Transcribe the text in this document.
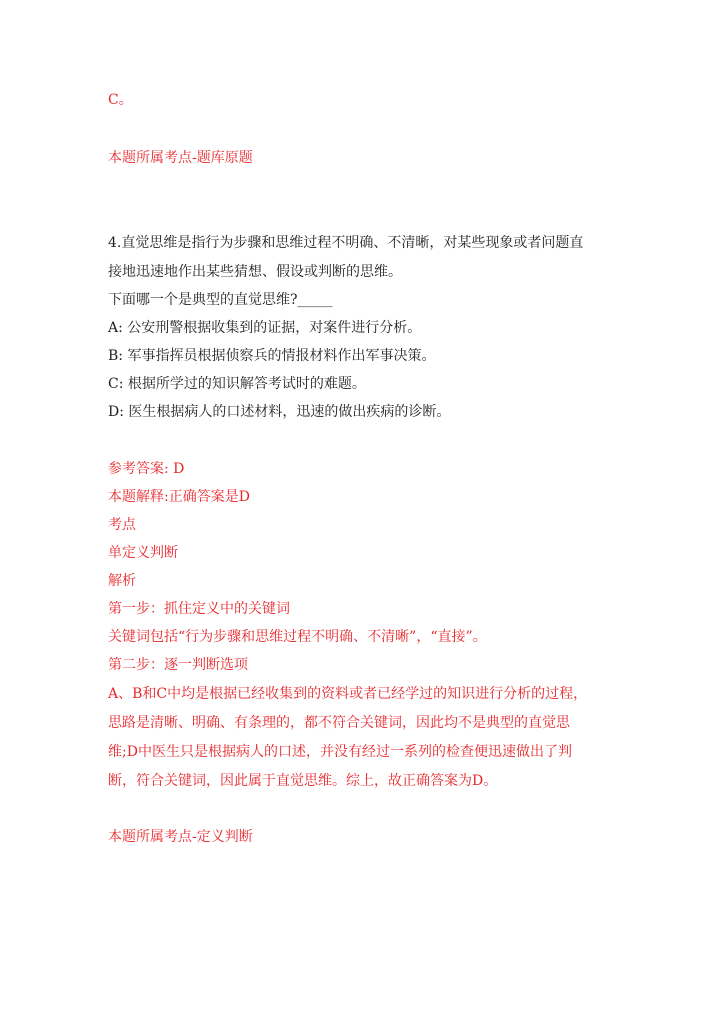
C。
本题所属考点-题库原题
4.直觉思维是指行为步骤和思维过程不明确、不清晰，对某些现象或者问题直
接地迅速地作出某些猜想、假设或判断的思维。
下面哪一个是典型的直觉思维?_____
A: 公安刑警根据收集到的证据，对案件进行分析。
B: 军事指挥员根据侦察兵的情报材料作出军事决策。
C: 根据所学过的知识解答考试时的难题。
D: 医生根据病人的口述材料，迅速的做出疾病的诊断。
参考答案: D
本题解释:正确答案是D
考点
单定义判断
解析
第一步：抓住定义中的关键词
关键词包括“行为步骤和思维过程不明确、不清晰”，“直接”。
第二步：逐一判断选项
A、B和C中均是根据已经收集到的资料或者已经学过的知识进行分析的过程，
思路是清晰、明确、有条理的，都不符合关键词，因此均不是典型的直觉思
维;D中医生只是根据病人的口述，并没有经过一系列的检查便迅速做出了判
断，符合关键词，因此属于直觉思维。综上，故正确答案为D。
本题所属考点-定义判断
